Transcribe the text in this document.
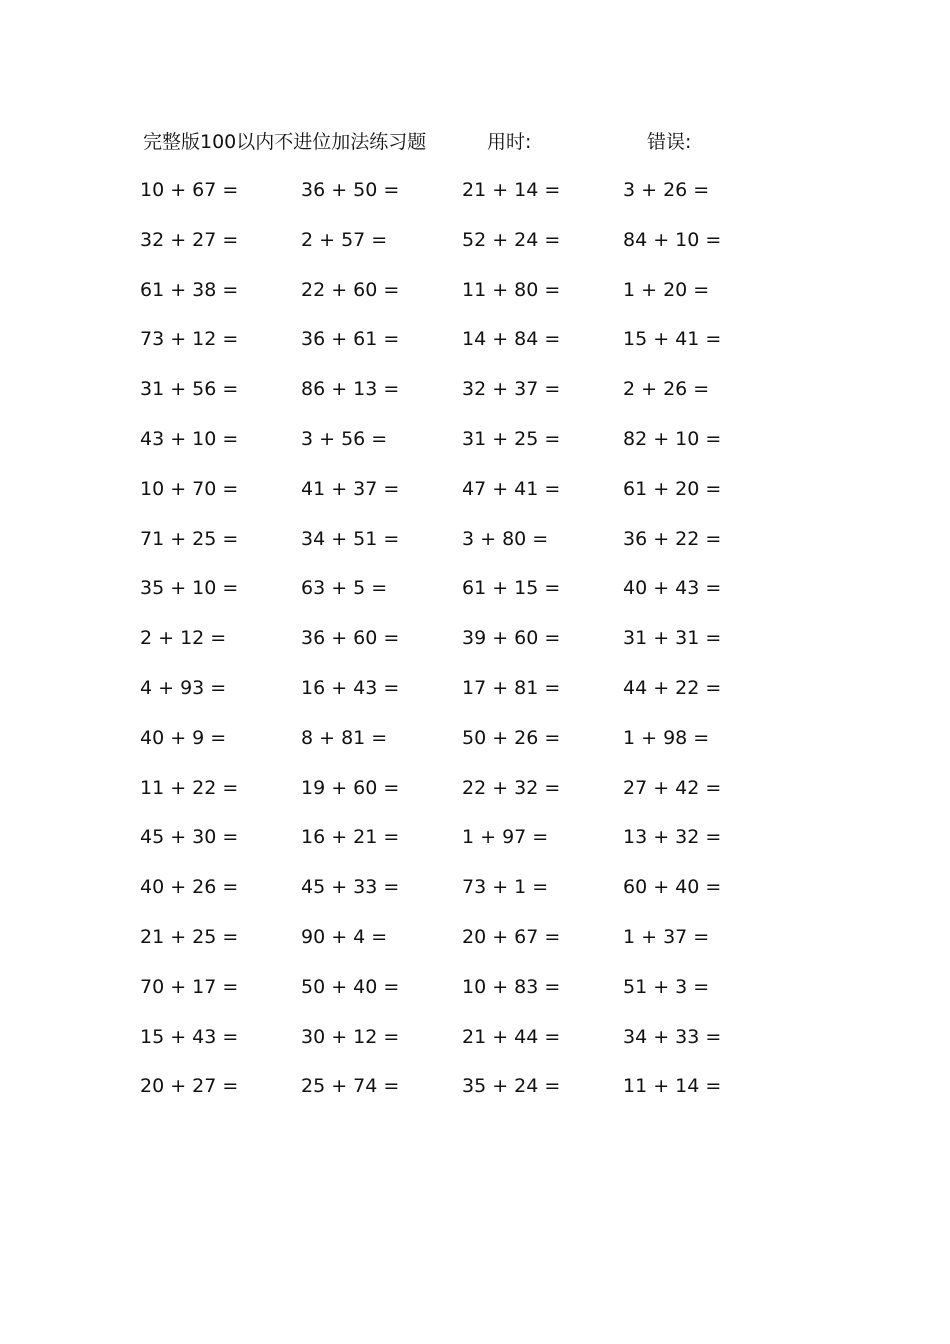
完整版100以内不进位加法练习题	用时:	错误:
10 + 67 =	36 + 50 =	21 + 14 =	3 + 26 =
32 + 27 =	2 + 57 =	52 + 24 =	84 + 10 =
61 + 38 =	22 + 60 =	11 + 80 =	1 + 20 =
73 + 12 =	36 + 61 =	14 + 84 =	15 + 41 =
31 + 56 =	86 + 13 =	32 + 37 =	2 + 26 =
43 + 10 =	3 + 56 =	31 + 25 =	82 + 10 =
10 + 70 =	41 + 37 =	47 + 41 =	61 + 20 =
71 + 25 =	34 + 51 =	3 + 80 =	36 + 22 =
35 + 10 =	63 + 5 =	61 + 15 =	40 + 43 =
2 + 12 =	36 + 60 =	39 + 60 =	31 + 31 =
4 + 93 =	16 + 43 =	17 + 81 =	44 + 22 =
40 + 9 =	8 + 81 =	50 + 26 =	1 + 98 =
11 + 22 =	19 + 60 =	22 + 32 =	27 + 42 =
45 + 30 =	16 + 21 =	1 + 97 =	13 + 32 =
40 + 26 =	45 + 33 =	73 + 1 =	60 + 40 =
21 + 25 =	90 + 4 =	20 + 67 =	1 + 37 =
70 + 17 =	50 + 40 =	10 + 83 =	51 + 3 =
15 + 43 =	30 + 12 =	21 + 44 =	34 + 33 =
20 + 27 =	25 + 74 =	35 + 24 =	11 + 14 =
